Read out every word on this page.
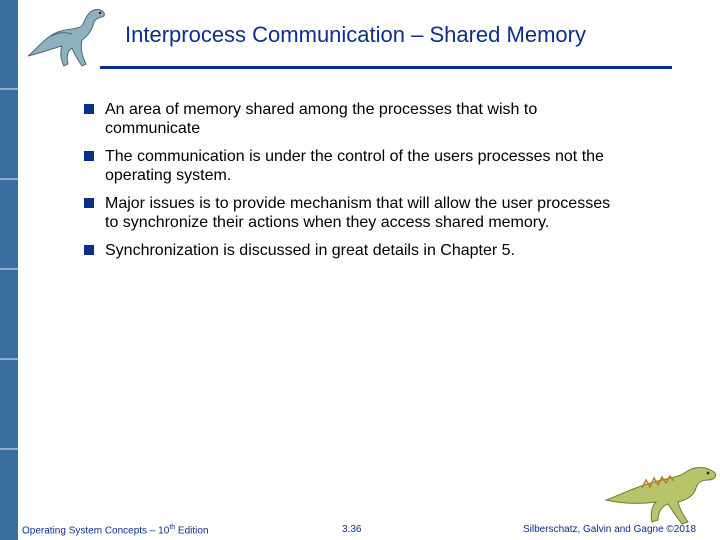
Interprocess Communication – Shared Memory
An area of memory shared among the processes that wish to communicate
The communication is under the control of the users processes not the operating system.
Major issues is to provide mechanism that will allow the user processes to synchronize their actions when they access shared memory.
Synchronization is discussed in great details in Chapter 5.
Operating System Concepts – 10th Edition	3.36	Silberschatz, Galvin and Gagne ©2018
